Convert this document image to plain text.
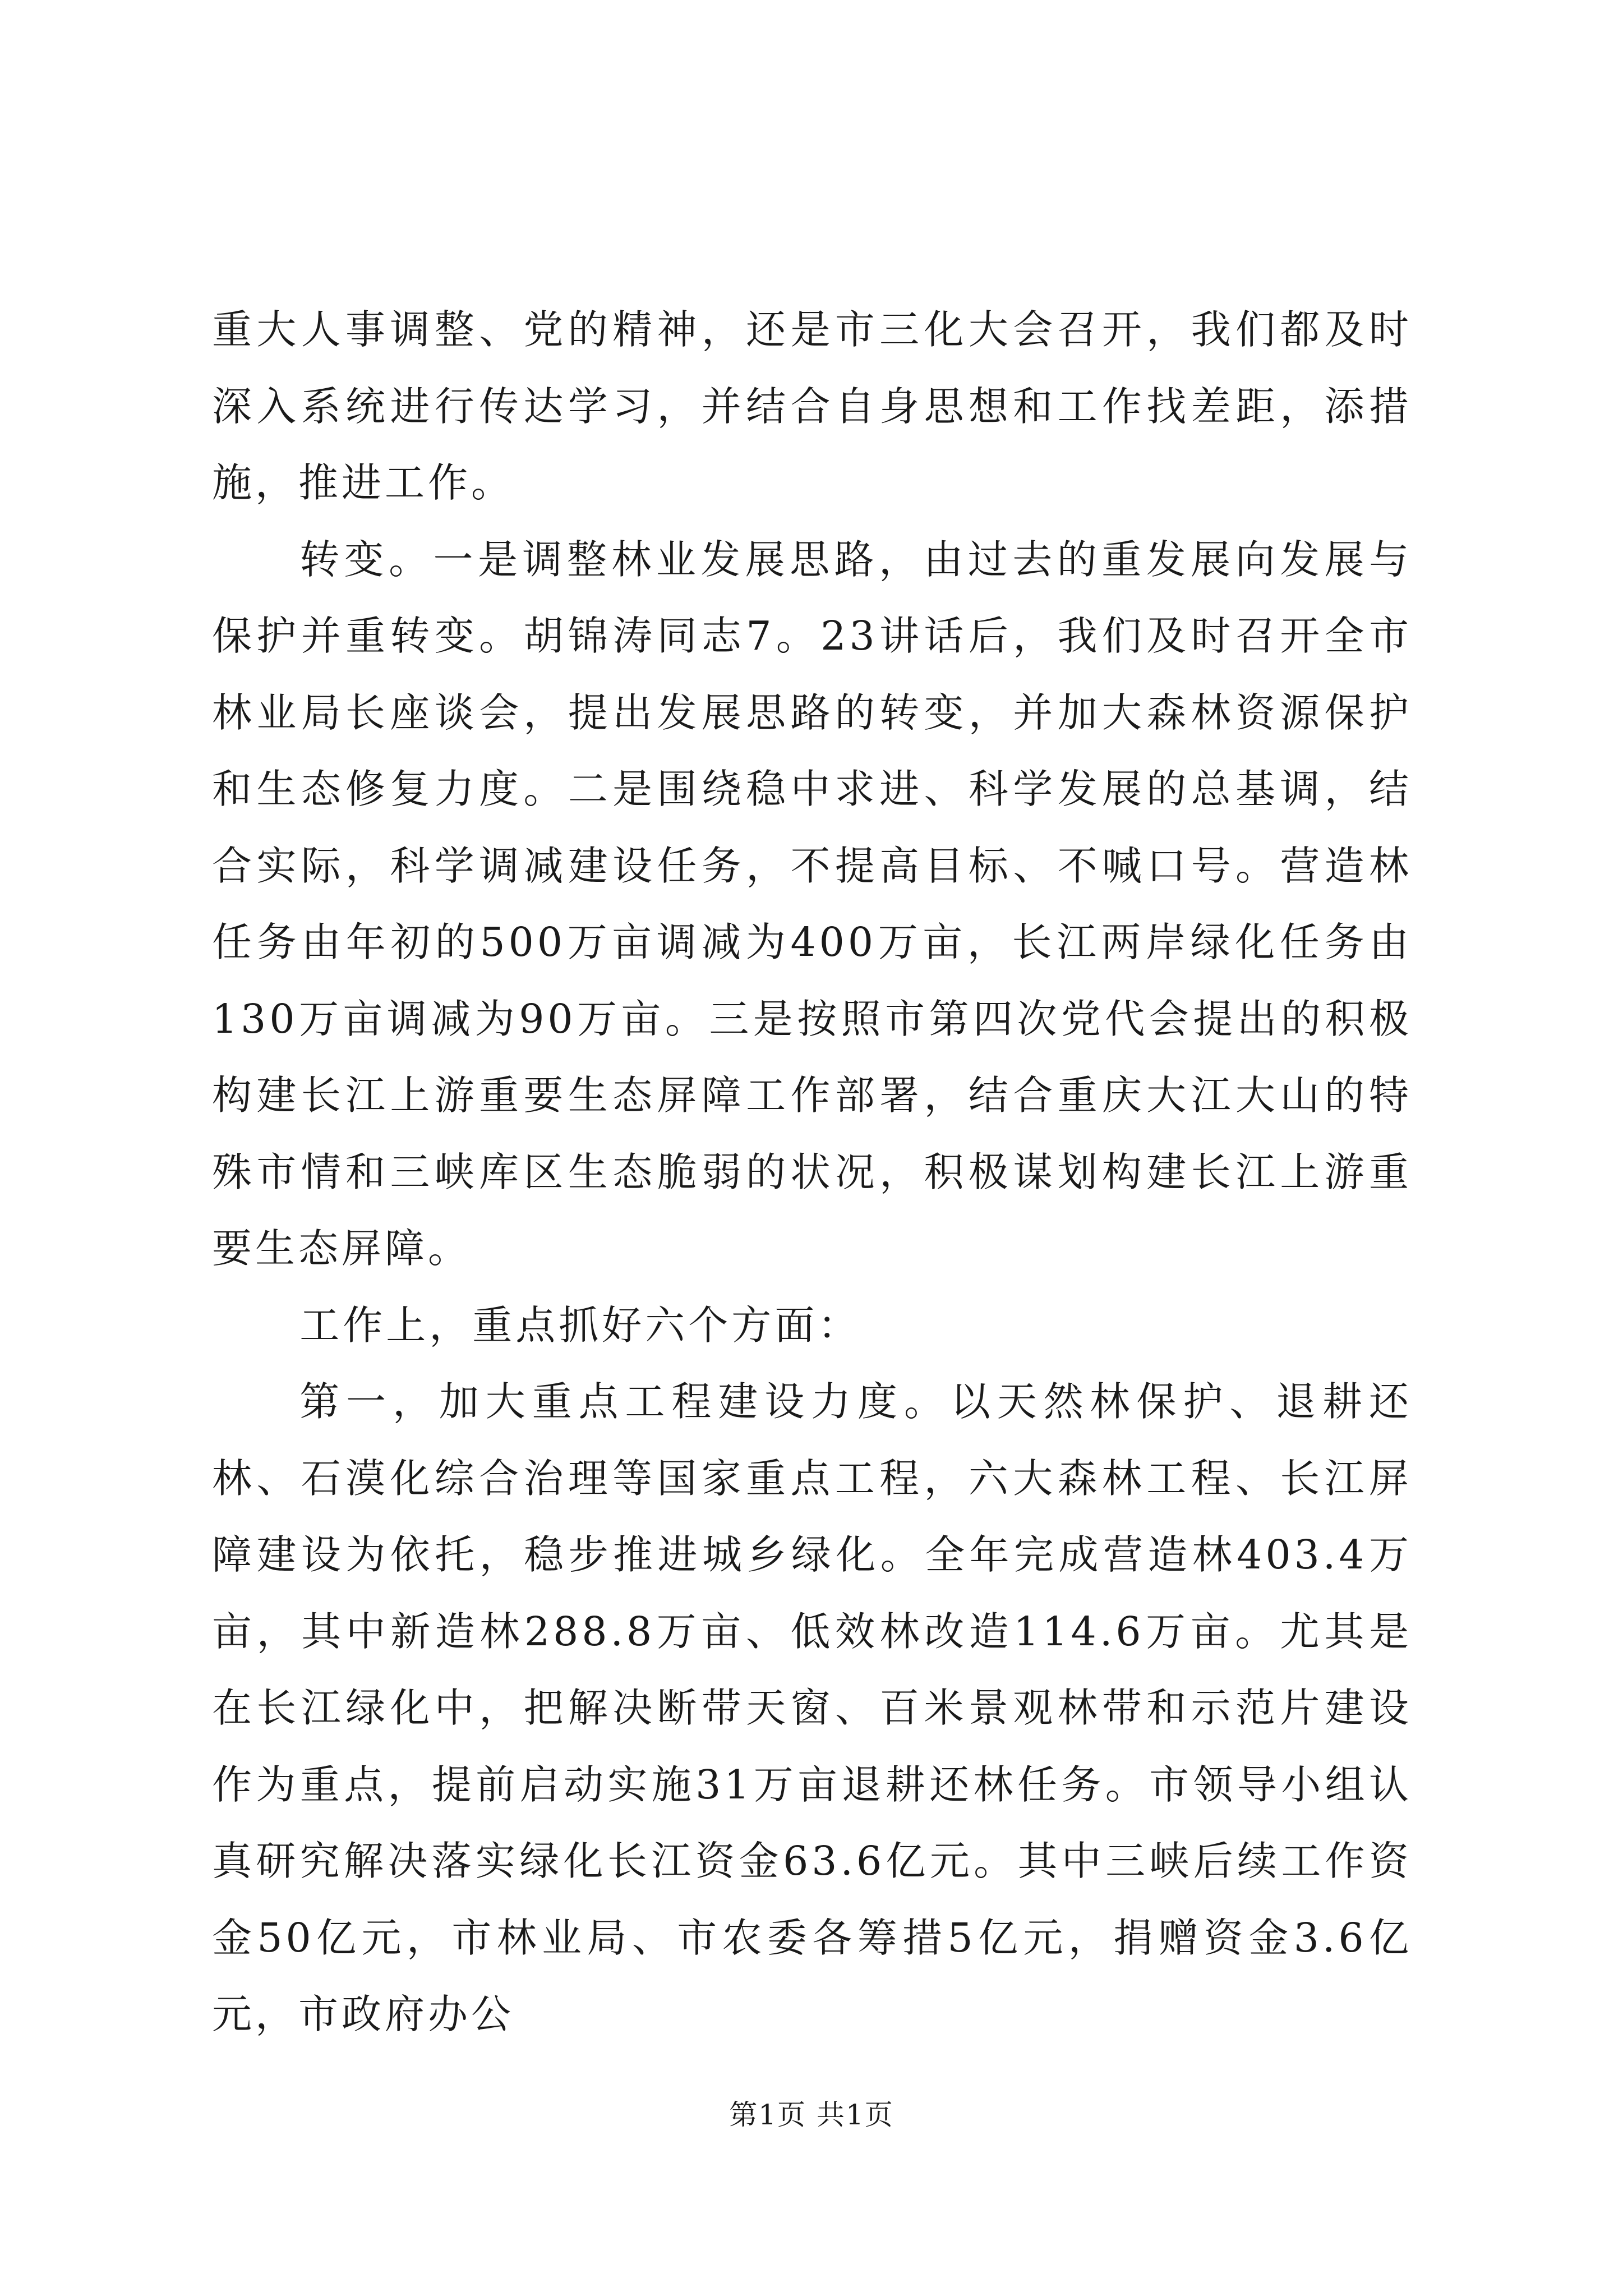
重大人事调整、党的精神，还是市三化大会召开，我们都及时深入系统进行传达学习，并结合自身思想和工作找差距，添措施，推进工作。

转变。一是调整林业发展思路，由过去的重发展向发展与保护并重转变。胡锦涛同志7。23讲话后，我们及时召开全市林业局长座谈会，提出发展思路的转变，并加大森林资源保护和生态修复力度。二是围绕稳中求进、科学发展的总基调，结合实际，科学调减建设任务，不提高目标、不喊口号。营造林任务由年初的500万亩调减为400万亩，长江两岸绿化任务由130万亩调减为90万亩。三是按照市第四次党代会提出的积极构建长江上游重要生态屏障工作部署，结合重庆大江大山的特殊市情和三峡库区生态脆弱的状况，积极谋划构建长江上游重要生态屏障。

工作上，重点抓好六个方面：

第一，加大重点工程建设力度。以天然林保护、退耕还林、石漠化综合治理等国家重点工程，六大森林工程、长江屏障建设为依托，稳步推进城乡绿化。全年完成营造林403.4万亩，其中新造林288.8万亩、低效林改造114.6万亩。尤其是在长江绿化中，把解决断带天窗、百米景观林带和示范片建设作为重点，提前启动实施31万亩退耕还林任务。市领导小组认真研究解决落实绿化长江资金63.6亿元。其中三峡后续工作资金50亿元，市林业局、市农委各筹措5亿元，捐赠资金3.6亿元，市政府办公

第1页 共1页
